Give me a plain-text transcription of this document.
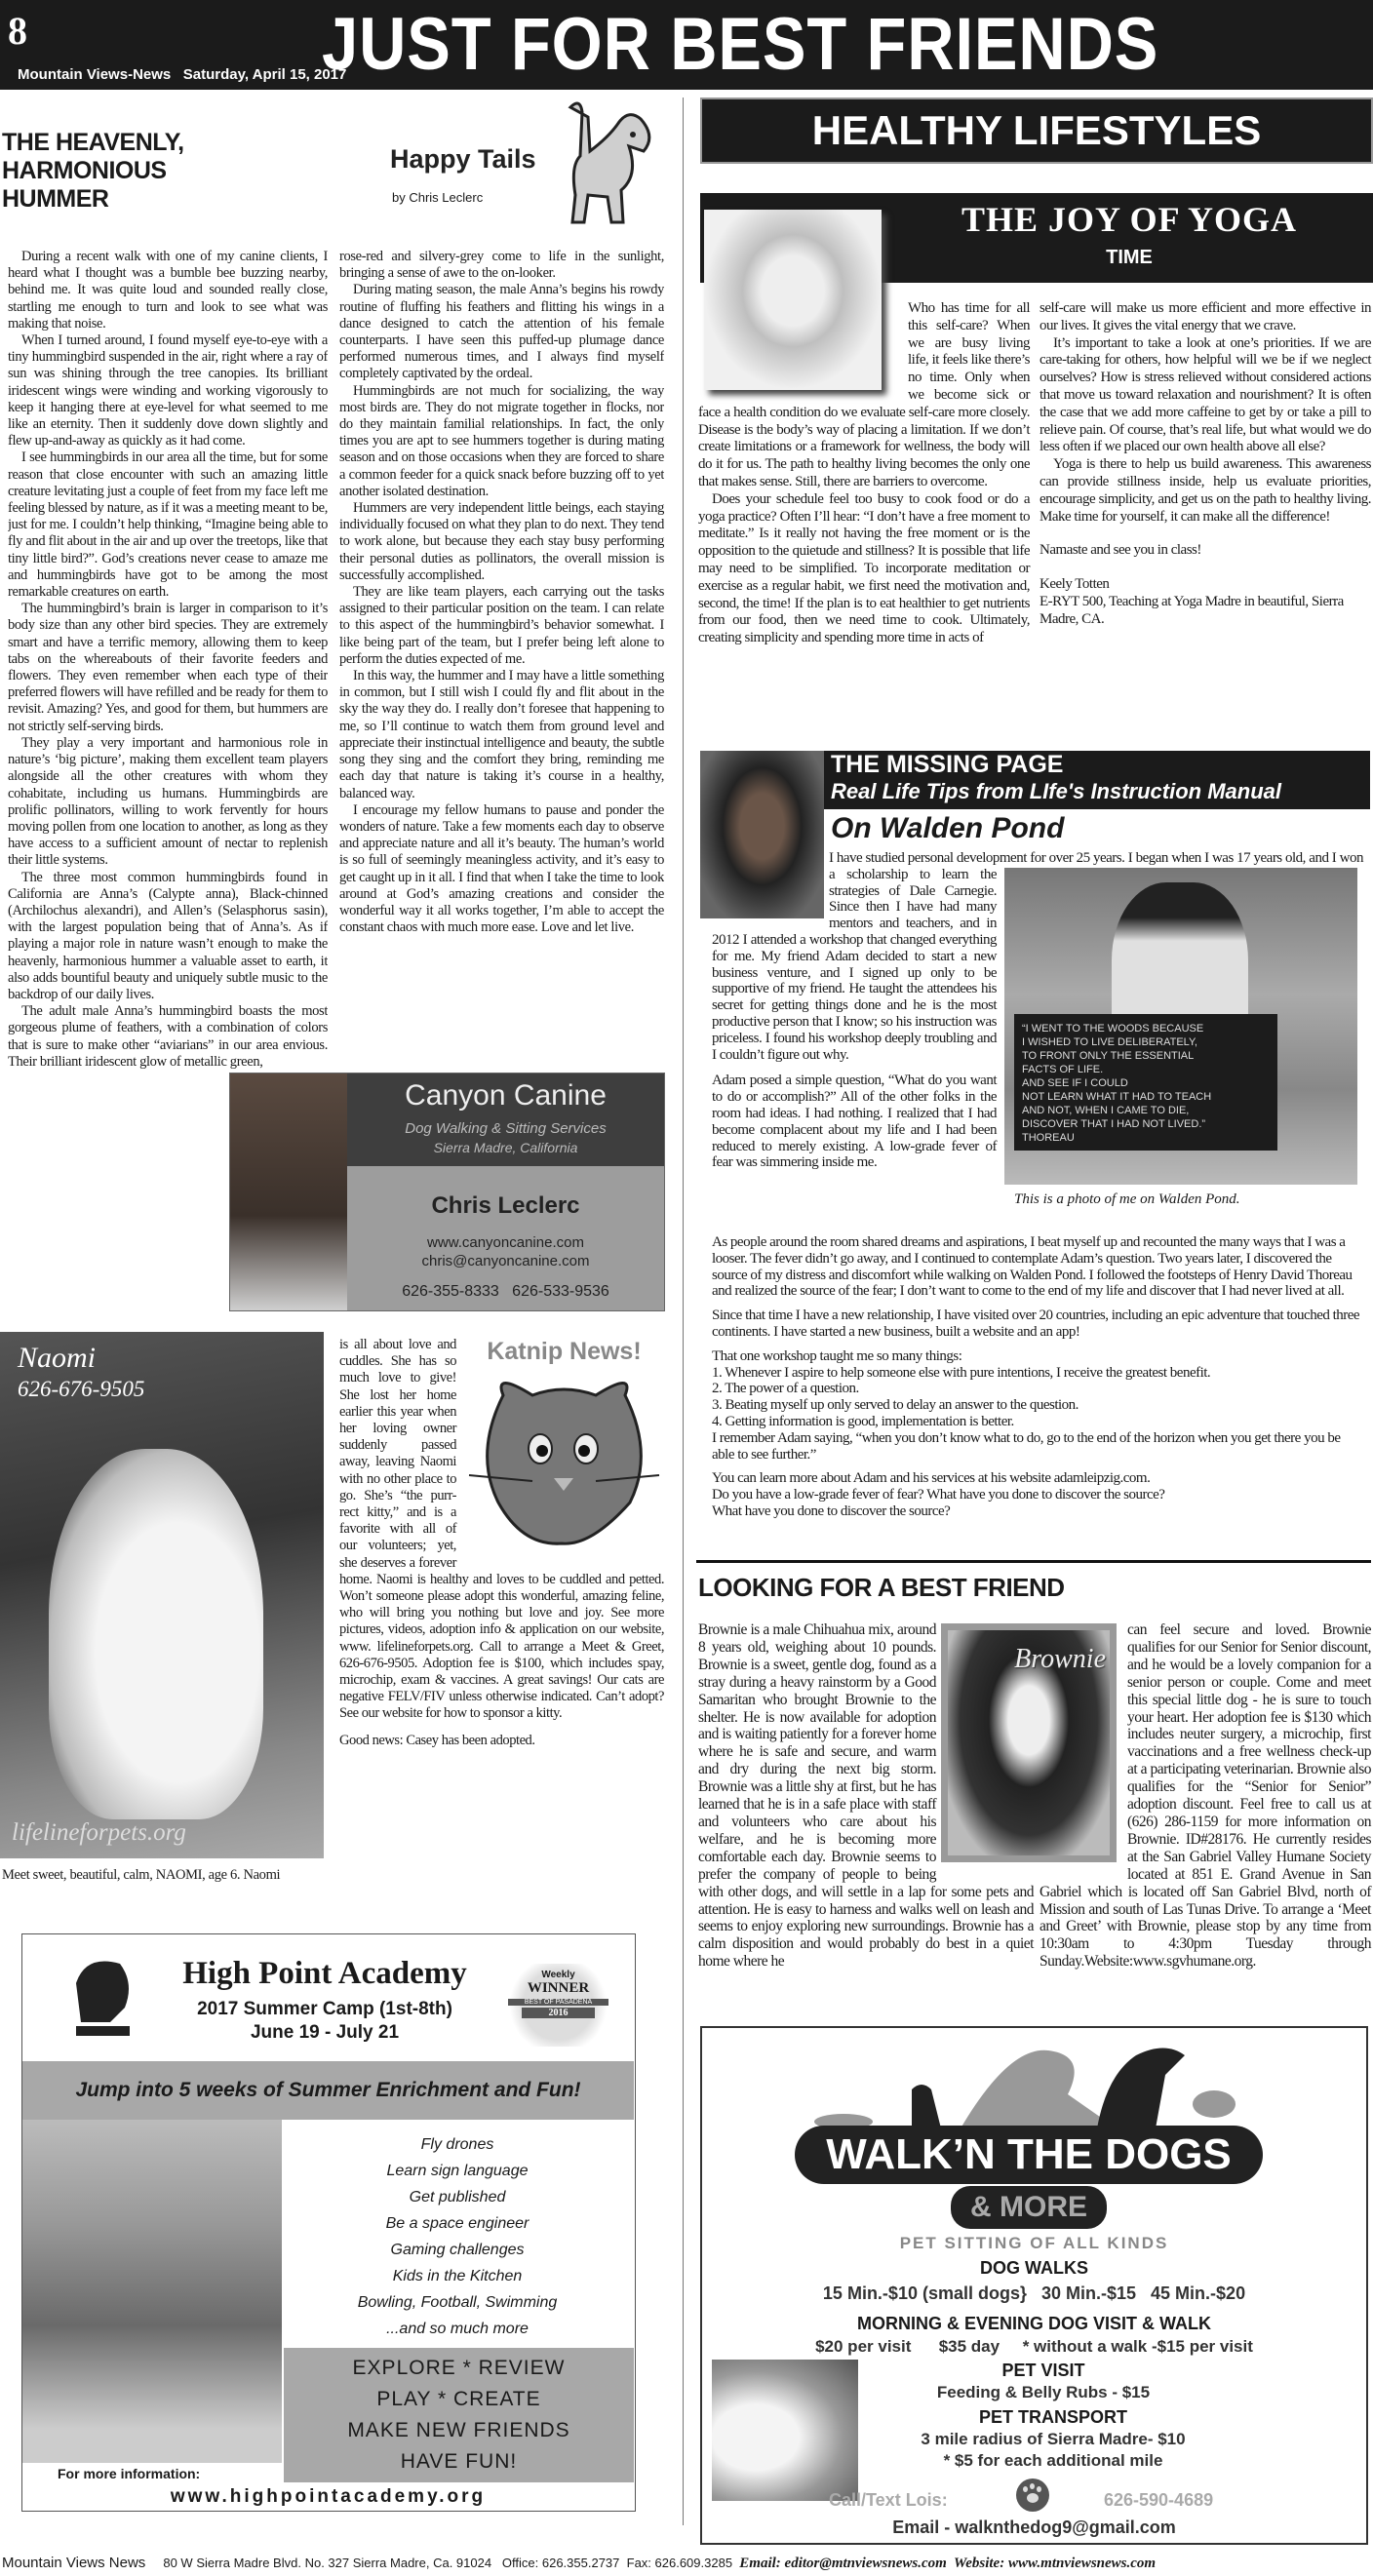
8	JUST FOR BEST FRIENDS
Mountain Views-News Saturday, April 15, 2017
THE HEAVENLY, HARMONIOUS HUMMER
Happy Tails
by Chris Leclerc

During a recent walk with one of my canine clients, I heard what I thought was a bumble bee buzzing nearby, behind me. It was quite loud and sounded really close, startling me enough to turn and look to see what was making that noise.

When I turned around, I found myself eye-to-eye with a tiny hummingbird suspended in the air, right where a ray of sun was shining through the tree canopies. Its brilliant iridescent wings were winding and working vigorously to keep it hanging there at eye-level for what seemed to me like an eternity. Then it suddenly dove down slightly and flew up-and-away as quickly as it had come.

I see hummingbirds in our area all the time, but for some reason that close encounter with such an amazing little creature levitating just a couple of feet from my face left me feeling blessed by nature, as if it was a meeting meant to be, just for me. I couldn’t help thinking, “Imagine being able to fly and flit about in the air and up over the treetops, like that tiny little bird?”. God’s creations never cease to amaze me and hummingbirds have got to be among the most remarkable creatures on earth.

The hummingbird’s brain is larger in comparison to it’s body size than any other bird species. They are extremely smart and have a terrific memory, allowing them to keep tabs on the whereabouts of their favorite feeders and flowers. They even remember when each type of their preferred flowers will have refilled and be ready for them to revisit. Amazing? Yes, and good for them, but hummers are not strictly self-serving birds.

They play a very important and harmonious role in nature’s ‘big picture’, making them excellent team players alongside all the other creatures with whom they cohabitate, including us humans. Hummingbirds are prolific pollinators, willing to work fervently for hours moving pollen from one location to another, as long as they have access to a sufficient amount of nectar to replenish their little systems.

The three most common hummingbirds found in California are Anna’s (Calypte anna), Black-chinned (Archilochus alexandri), and Allen’s (Selasphorus sasin), with the largest population being that of Anna’s. As if playing a major role in nature wasn’t enough to make the heavenly, harmonious hummer a valuable asset to earth, it also adds bountiful beauty and uniquely subtle music to the backdrop of our daily lives.

The adult male Anna’s hummingbird boasts the most gorgeous plume of feathers, with a combination of colors that is sure to make other “aviarians” in our area envious. Their brilliant iridescent glow of metallic green,

rose-red and silvery-grey come to life in the sunlight, bringing a sense of awe to the on-looker.

During mating season, the male Anna’s begins his rowdy routine of fluffing his feathers and flitting his wings in a dance designed to catch the attention of his female counterparts. I have seen this puffed-up plumage dance performed numerous times, and I always find myself completely captivated by the ordeal.

Hummingbirds are not much for socializing, the way most birds are. They do not migrate together in flocks, nor do they maintain familial relationships. In fact, the only times you are apt to see hummers together is during mating season and on those occasions when they are forced to share a common feeder for a quick snack before buzzing off to yet another isolated destination.

Hummers are very independent little beings, each staying individually focused on what they plan to do next. They tend to work alone, but because they each stay busy performing their personal duties as pollinators, the overall mission is successfully accomplished.

They are like team players, each carrying out the tasks assigned to their particular position on the team. I can relate to this aspect of the hummingbird’s behavior somewhat. I like being part of the team, but I prefer being left alone to perform the duties expected of me.

In this way, the hummer and I may have a little something in common, but I still wish I could fly and flit about in the sky the way they do. I really don’t foresee that happening to me, so I’ll continue to watch them from ground level and appreciate their instinctual intelligence and beauty, the subtle song they sing and the comfort they bring, reminding me each day that nature is taking it’s course in a healthy, balanced way.

I encourage my fellow humans to pause and ponder the wonders of nature. Take a few moments each day to observe and appreciate nature and all it’s beauty. The human’s world is so full of seemingly meaningless activity, and it’s easy to get caught up in it all. I find that when I take the time to look around at God’s amazing creations and consider the wonderful way it all works together, I’m able to accept the constant chaos with much more ease. Love and let live.

Canyon Canine
Dog Walking & Sitting Services
Sierra Madre, California
Chris Leclerc
www.canyoncanine.com
chris@canyoncanine.com
626-355-8333 626-533-9536
Naomi
626-676-9505
lifelineforpets.org
Meet sweet, beautiful, calm, NAOMI, age 6. Naomi
Katnip News!

is all about love and cuddles. She has so much love to give! She lost her home earlier this year when her loving owner suddenly passed away, leaving Naomi with no other place to go. She’s “the purr-rect kitty,” and is a favorite with all of our volunteers; yet, she deserves a forever home. Naomi is healthy and loves to be cuddled and petted. Won’t someone please adopt this wonderful, amazing feline, who will bring you nothing but love and joy. See more pictures, videos, adoption info & application on our website, www. lifelineforpets.org. Call to arrange a Meet & Greet, 626-676-9505. Adoption fee is $100, which includes spay, microchip, exam & vaccines. A great savings! Our cats are negative FELV/FIV unless otherwise indicated. Can’t adopt? See our website for how to sponsor a kitty.

Good news: Casey has been adopted.

High Point Academy
2017 Summer Camp (1st-8th)
June 19 - July 21
Weekly
WINNER
BEST OF PASADENA
2016
Jump into 5 weeks of Summer Enrichment and Fun!
Fly drones
Learn sign language
Get published
Be a space engineer
Gaming challenges
Kids in the Kitchen
Bowling, Football, Swimming
...and so much more
EXPLORE * REVIEW
PLAY * CREATE
MAKE NEW FRIENDS
HAVE FUN!
For more information:
www.highpointacademy.org
HEALTHY LIFESTYLES
THE JOY OF YOGA
TIME

Who has time for all this self-care? When we are busy living life, it feels like there’s no time. Only when we become sick or face a health condition do we evaluate self-care more closely. Disease is the body’s way of placing a limitation. If we don’t create limitations or a framework for wellness, the body will do it for us. The path to healthy living becomes the only one that makes sense. Still, there are barriers to overcome.

Does your schedule feel too busy to cook food or do a yoga practice? Often I’ll hear: “I don’t have a free moment to meditate.” Is it really not having the free moment or is the opposition to the quietude and stillness? It is possible that life may need to be simplified. To incorporate meditation or exercise as a regular habit, we first need the motivation and, second, the time! If the plan is to eat healthier to get nutrients from our food, then we need time to cook. Ultimately, creating simplicity and spending more time in acts of

self-care will make us more efficient and more effective in our lives. It gives the vital energy that we crave.

It’s important to take a look at one’s priorities. If we are care-taking for others, how helpful will we be if we neglect ourselves? How is stress relieved without considered actions that move us toward relaxation and nourishment? It is often the case that we add more caffeine to get by or take a pill to relieve pain. Of course, that’s real life, but what would we do less often if we placed our own health above all else?

Yoga is there to help us build awareness. This awareness can provide stillness inside, help us evaluate priorities, encourage simplicity, and get us on the path to healthy living. Make time for yourself, it can make all the difference!

Namaste and see you in class!

Keely Totten

E-RYT 500, Teaching at Yoga Madre in beautiful, Sierra Madre, CA.

THE MISSING PAGE
Real Life Tips from LIfe's Instruction Manual
On Walden Pond
“I WENT TO THE WOODS BECAUSE
I WISHED TO LIVE DELIBERATELY,
TO FRONT ONLY THE ESSENTIAL
FACTS OF LIFE.
AND SEE IF I COULD
NOT LEARN WHAT IT HAD TO TEACH
AND NOT, WHEN I CAME TO DIE,
DISCOVER THAT I HAD NOT LIVED.”
THOREAU
This is a photo of me on Walden Pond.

I have studied personal development for over 25 years. I began when I was 17 years old, and I won a scholarship to learn the strategies of Dale Carnegie. Since then I have had many mentors and teachers, and in 2012 I attended a workshop that changed everything for me. My friend Adam decided to start a new business venture, and I signed up only to be supportive of my friend. He taught the attendees his secret for getting things done and he is the most productive person that I know; so his instruction was priceless. I found his workshop deeply troubling and I couldn’t figure out why.

Adam posed a simple question, “What do you want to do or accomplish?” All of the other folks in the room had ideas. I had nothing. I realized that I had become complacent about my life and I had been reduced to merely existing. A low-grade fever of fear was simmering inside me.

As people around the room shared dreams and aspirations, I beat myself up and recounted the many ways that I was a looser. The fever didn’t go away, and I continued to contemplate Adam’s question. Two years later, I discovered the source of my distress and discomfort while walking on Walden Pond. I followed the footsteps of Henry David Thoreau and realized the source of the fear; I don’t want to come to the end of my life and discover that I had never lived at all.

Since that time I have a new relationship, I have visited over 20 countries, including an epic adventure that touched three continents. I have started a new business, built a website and an app!

That one workshop taught me so many things:

1. Whenever I aspire to help someone else with pure intentions, I receive the greatest benefit.

2. The power of a question.

3. Beating myself up only served to delay an answer to the question.

4. Getting information is good, implementation is better.

I remember Adam saying, “when you don’t know what to do, go to the end of the horizon when you get there you be able to see further.”

You can learn more about Adam and his services at his website adamleipzig.com.

Do you have a low-grade fever of fear? What have you done to discover the source?

What have you done to discover the source?

LOOKING FOR A BEST FRIEND
Brownie

Brownie is a male Chihuahua mix, around 8 years old, weighing about 10 pounds. Brownie is a sweet, gentle dog, found as a stray during a heavy rainstorm by a Good Samaritan who brought Brownie to the shelter. He is now available for adoption and is waiting patiently for a forever home where he is safe and secure, and warm and dry during the next big storm. Brownie was a little shy at first, but he has learned that he is in a safe place with staff and volunteers who care about his welfare, and he is becoming more comfortable each day. Brownie seems to prefer the company of people to being with other dogs, and will settle in a lap for some pets and attention. He is easy to harness and walks well on leash and seems to enjoy exploring new surroundings. Brownie has a calm disposition and would probably do best in a quiet home where he

can feel secure and loved. Brownie qualifies for our Senior for Senior discount, and he would be a lovely companion for a senior person or couple. Come and meet this special little dog - he is sure to touch your heart. Her adoption fee is $130 which includes neuter surgery, a microchip, first vaccinations and a free wellness check-up at a participating veterinarian. Brownie also qualifies for the “Senior for Senior” adoption discount. Feel free to call us at (626) 286-1159 for more information on Brownie. ID#28176. He currently resides at the San Gabriel Valley Humane Society located at 851 E. Grand Avenue in San Gabriel which is located off San Gabriel Blvd, north of Mission and south of Las Tunas Drive. To arrange a ‘Meet and Greet’ with Brownie, please stop by any time from 10:30am to 4:30pm Tuesday through Sunday.Website:www.sgvhumane.org.

WALK’N THE DOGS
& MORE
PET SITTING OF ALL KINDS
DOG WALKS
15 Min.-$10 (small dogs}   30 Min.-$15   45 Min.-$20
MORNING & EVENING DOG VISIT & WALK
$20 per visit      $35 day     * without a walk -$15 per visit
PET VISIT
Feeding & Belly Rubs - $15
PET TRANSPORT
3 mile radius of Sierra Madre- $10
* $5 for each additional mile
Call/Text Lois:	626-590-4689
Email - walknthedog9@gmail.com
Mountain Views News 80 W Sierra Madre Blvd. No. 327 Sierra Madre, Ca. 91024 Office: 626.355.2737 Fax: 626.609.3285 Email: editor@mtnviewsnews.com Website: www.mtnviewsnews.com
